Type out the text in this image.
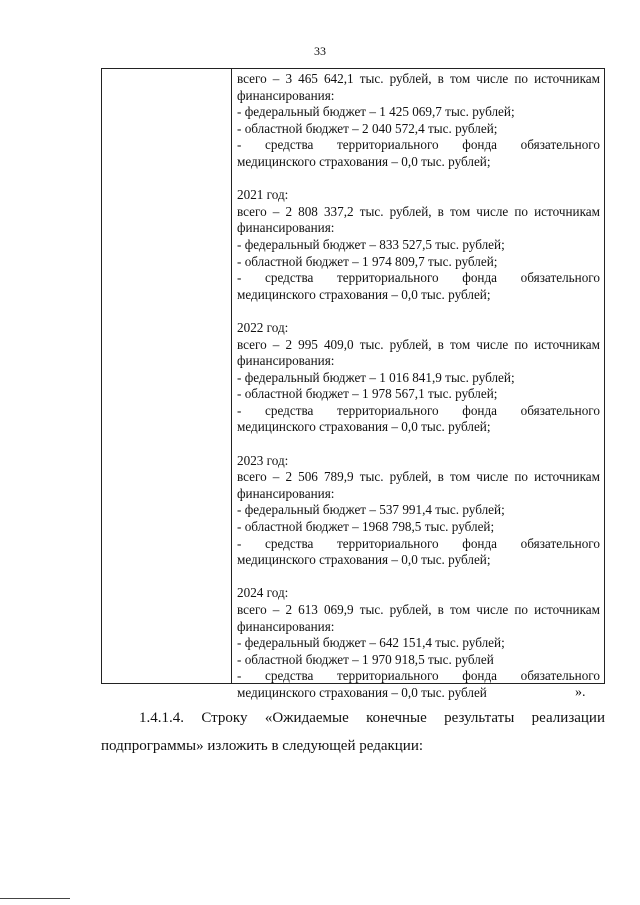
33
всего – 3 465 642,1 тыс. рублей, в том числе по источникам
финансирования:
- федеральный бюджет – 1 425 069,7 тыс. рублей;
- областной бюджет – 2 040 572,4 тыс. рублей;
- средства территориального фонда обязательного
медицинского страхования – 0,0 тыс. рублей;
2021 год:
всего – 2 808 337,2 тыс. рублей, в том числе по источникам
финансирования:
- федеральный бюджет – 833 527,5 тыс. рублей;
- областной бюджет – 1 974 809,7 тыс. рублей;
- средства территориального фонда обязательного
медицинского страхования – 0,0 тыс. рублей;
2022 год:
всего – 2 995 409,0 тыс. рублей, в том числе по источникам
финансирования:
- федеральный бюджет – 1 016 841,9 тыс. рублей;
- областной бюджет – 1 978 567,1 тыс. рублей;
- средства территориального фонда обязательного
медицинского страхования – 0,0 тыс. рублей;
2023 год:
всего – 2 506 789,9 тыс. рублей, в том числе по источникам
финансирования:
- федеральный бюджет – 537 991,4 тыс. рублей;
- областной бюджет – 1968 798,5 тыс. рублей;
- средства территориального фонда обязательного
медицинского страхования – 0,0 тыс. рублей;
2024 год:
всего – 2 613 069,9 тыс. рублей, в том числе по источникам
финансирования:
- федеральный бюджет – 642 151,4 тыс. рублей;
- областной бюджет – 1 970 918,5 тыс. рублей
- средства территориального фонда обязательного
медицинского страхования – 0,0 тыс. рублей	».
1.4.1.4. Строку «Ожидаемые конечные результаты реализации
подпрограммы» изложить в следующей редакции:
